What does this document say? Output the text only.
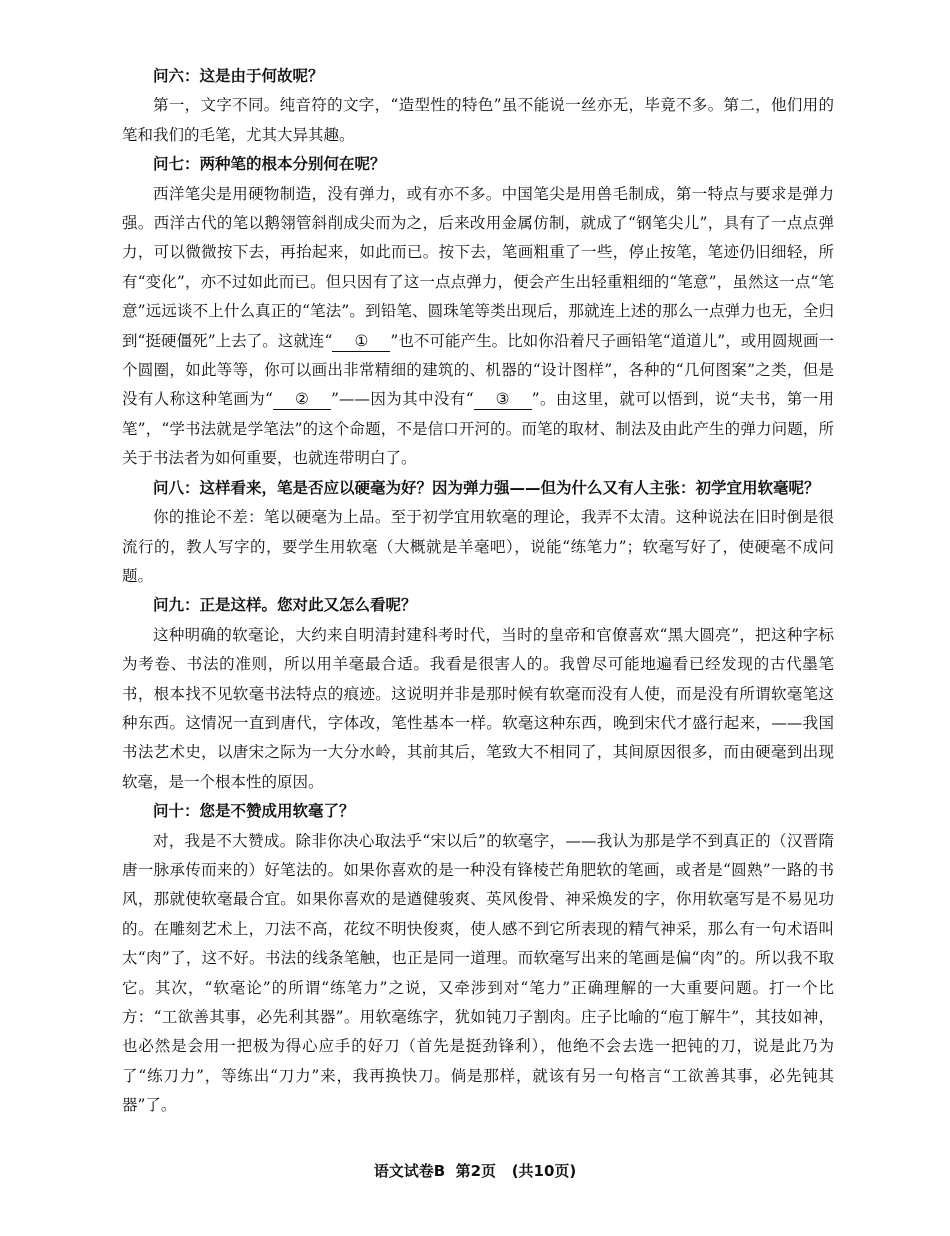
问六：这是由于何故呢？

第一，文字不同。纯音符的文字，“造型性的特色”虽不能说一丝亦无，毕竟不多。第二，他们用的笔和我们的毛笔，尤其大异其趣。

问七：两种笔的根本分别何在呢？

西洋笔尖是用硬物制造，没有弹力，或有亦不多。中国笔尖是用兽毛制成，第一特点与要求是弹力强。西洋古代的笔以鹅翎管斜削成尖而为之，后来改用金属仿制，就成了“钢笔尖儿”，具有了一点点弹力，可以微微按下去，再抬起来，如此而已。按下去，笔画粗重了一些，停止按笔，笔迹仍旧细轻，所有“变化”，亦不过如此而已。但只因有了这一点点弹力，便会产生出轻重粗细的“笔意”，虽然这一点“笔意”远远谈不上什么真正的“笔法”。到铅笔、圆珠笔等类出现后，那就连上述的那么一点弹力也无，全归到“挺硬僵死”上去了。这就连“ ① ”也不可能产生。比如你沿着尺子画铅笔“道道儿”，或用圆规画一个圆圈，如此等等，你可以画出非常精细的建筑的、机器的“设计图样”，各种的“几何图案”之类，但是没有人称这种笔画为“ ② ”——因为其中没有“ ③ ”。由这里，就可以悟到，说“夫书，第一用笔”，“学书法就是学笔法”的这个命题，不是信口开河的。而笔的取材、制法及由此产生的弹力问题，所关于书法者为如何重要，也就连带明白了。

问八：这样看来，笔是否应以硬毫为好？因为弹力强——但为什么又有人主张：初学宜用软毫呢？

你的推论不差：笔以硬毫为上品。至于初学宜用软毫的理论，我弄不太清。这种说法在旧时倒是很流行的，教人写字的，要学生用软毫（大概就是羊毫吧），说能“练笔力”；软毫写好了，使硬毫不成问题。

问九：正是这样。您对此又怎么看呢？

这种明确的软毫论，大约来自明清封建科考时代，当时的皇帝和官僚喜欢“黑大圆亮”，把这种字标为考卷、书法的准则，所以用羊毫最合适。我看是很害人的。我曾尽可能地遍看已经发现的古代墨笔书，根本找不见软毫书法特点的痕迹。这说明并非是那时候有软毫而没有人使，而是没有所谓软毫笔这种东西。这情况一直到唐代，字体改，笔性基本一样。软毫这种东西，晚到宋代才盛行起来，——我国书法艺术史，以唐宋之际为一大分水岭，其前其后，笔致大不相同了，其间原因很多，而由硬毫到出现软毫，是一个根本性的原因。

问十：您是不赞成用软毫了？

对，我是不大赞成。除非你决心取法乎“宋以后”的软毫字，——我认为那是学不到真正的（汉晋隋唐一脉承传而来的）好笔法的。如果你喜欢的是一种没有锋棱芒角肥软的笔画，或者是“圆熟”一路的书风，那就使软毫最合宜。如果你喜欢的是遒健骏爽、英风俊骨、神采焕发的字，你用软毫写是不易见功的。在雕刻艺术上，刀法不高，花纹不明快俊爽，使人感不到它所表现的精气神采，那么有一句术语叫太“肉”了，这不好。书法的线条笔触，也正是同一道理。而软毫写出来的笔画是偏“肉”的。所以我不取它。其次，“软毫论”的所谓“练笔力”之说，又牵涉到对“笔力”正确理解的一大重要问题。打一个比方：“工欲善其事，必先利其器”。用软毫练字，犹如钝刀子割肉。庄子比喻的“庖丁解牛”，其技如神，也必然是会用一把极为得心应手的好刀（首先是挺劲锋利），他绝不会去选一把钝的刀，说是此乃为了“练刀力”，等练出“刀力”来，我再换快刀。倘是那样，就该有另一句格言“工欲善其事，必先钝其器”了。

语文试卷B 第2页 (共10页)
